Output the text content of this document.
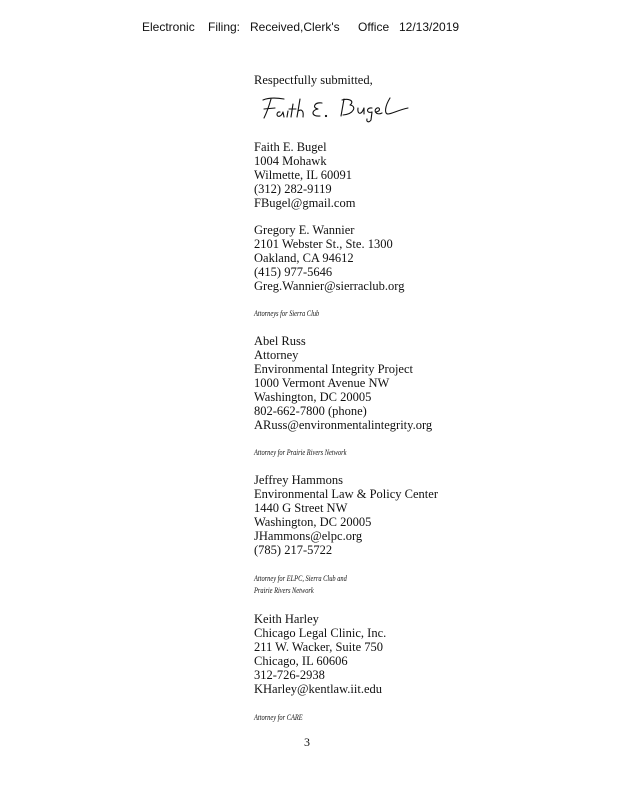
Electronic Filing: Received,Clerk's Office 12/13/2019
Respectfully submitted,
Faith E. Bugel
1004 Mohawk
Wilmette, IL 60091
(312) 282-9119
FBugel@gmail.com
Gregory E. Wannier
2101 Webster St., Ste. 1300
Oakland, CA 94612
(415) 977-5646
Greg.Wannier@sierraclub.org
Attorneys for Sierra Club
Abel Russ
Attorney
Environmental Integrity Project
1000 Vermont Avenue NW
Washington, DC 20005
802-662-7800 (phone)
ARuss@environmentalintegrity.org
Attorney for Prairie Rivers Network
Jeffrey Hammons
Environmental Law & Policy Center
1440 G Street NW
Washington, DC 20005
JHammons@elpc.org
(785) 217-5722
Attorney for ELPC, Sierra Club and
Prairie Rivers Network
Keith Harley
Chicago Legal Clinic, Inc.
211 W. Wacker, Suite 750
Chicago, IL 60606
312-726-2938
KHarley@kentlaw.iit.edu
Attorney for CARE
3
